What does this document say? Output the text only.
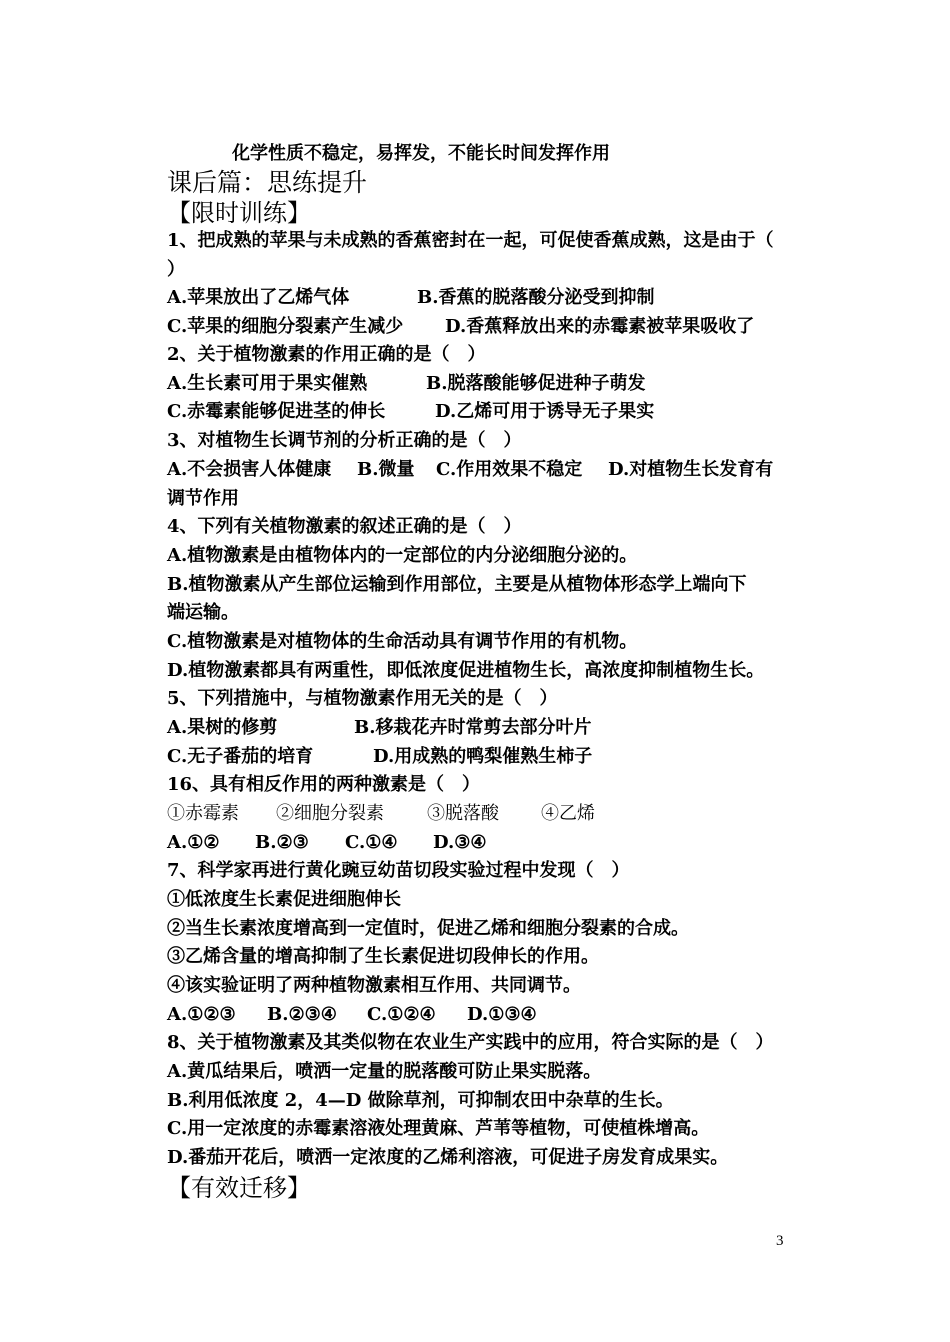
化学性质不稳定，易挥发，不能长时间发挥作用
课后篇：思练提升
【限时训练】
1、把成熟的苹果与未成熟的香蕉密封在一起，可促使香蕉成熟，这是由于（
）
A.苹果放出了乙烯气体	B.香蕉的脱落酸分泌受到抑制
C.苹果的细胞分裂素产生减少 D.香蕉释放出来的赤霉素被苹果吸收了
2、关于植物激素的作用正确的是（　）
A.生长素可用于果实催熟	B.脱落酸能够促进种子萌发
C.赤霉素能够促进茎的伸长	D.乙烯可用于诱导无子果实
3、对植物生长调节剂的分析正确的是（　）
A.不会损害人体健康 B.微量 C.作用效果不稳定 D.对植物生长发育有
调节作用
4、下列有关植物激素的叙述正确的是（　）
A.植物激素是由植物体内的一定部位的内分泌细胞分泌的。
B.植物激素从产生部位运输到作用部位，主要是从植物体形态学上端向下
端运输。
C.植物激素是对植物体的生命活动具有调节作用的有机物。
D.植物激素都具有两重性，即低浓度促进植物生长，高浓度抑制植物生长。
5、下列措施中，与植物激素作用无关的是（　）
A.果树的修剪	B.移栽花卉时常剪去部分叶片
C.无子番茄的培育	D.用成熟的鸭梨催熟生柿子
16、具有相反作用的两种激素是（　）
①赤霉素 ②细胞分裂素 ③脱落酸 ④乙烯
A.①② B.②③ C.①④ D.③④
7、科学家再进行黄化豌豆幼苗切段实验过程中发现（　）
①低浓度生长素促进细胞伸长
②当生长素浓度增高到一定值时，促进乙烯和细胞分裂素的合成。
③乙烯含量的增高抑制了生长素促进切段伸长的作用。
④该实验证明了两种植物激素相互作用、共同调节。
A.①②③ B.②③④ C.①②④ D.①③④
8、关于植物激素及其类似物在农业生产实践中的应用，符合实际的是（　）
A.黄瓜结果后，喷洒一定量的脱落酸可防止果实脱落。
B.利用低浓度 2，4—D 做除草剂，可抑制农田中杂草的生长。
C.用一定浓度的赤霉素溶液处理黄麻、芦苇等植物，可使植株增高。
D.番茄开花后，喷洒一定浓度的乙烯利溶液，可促进子房发育成果实。
【有效迁移】
3
